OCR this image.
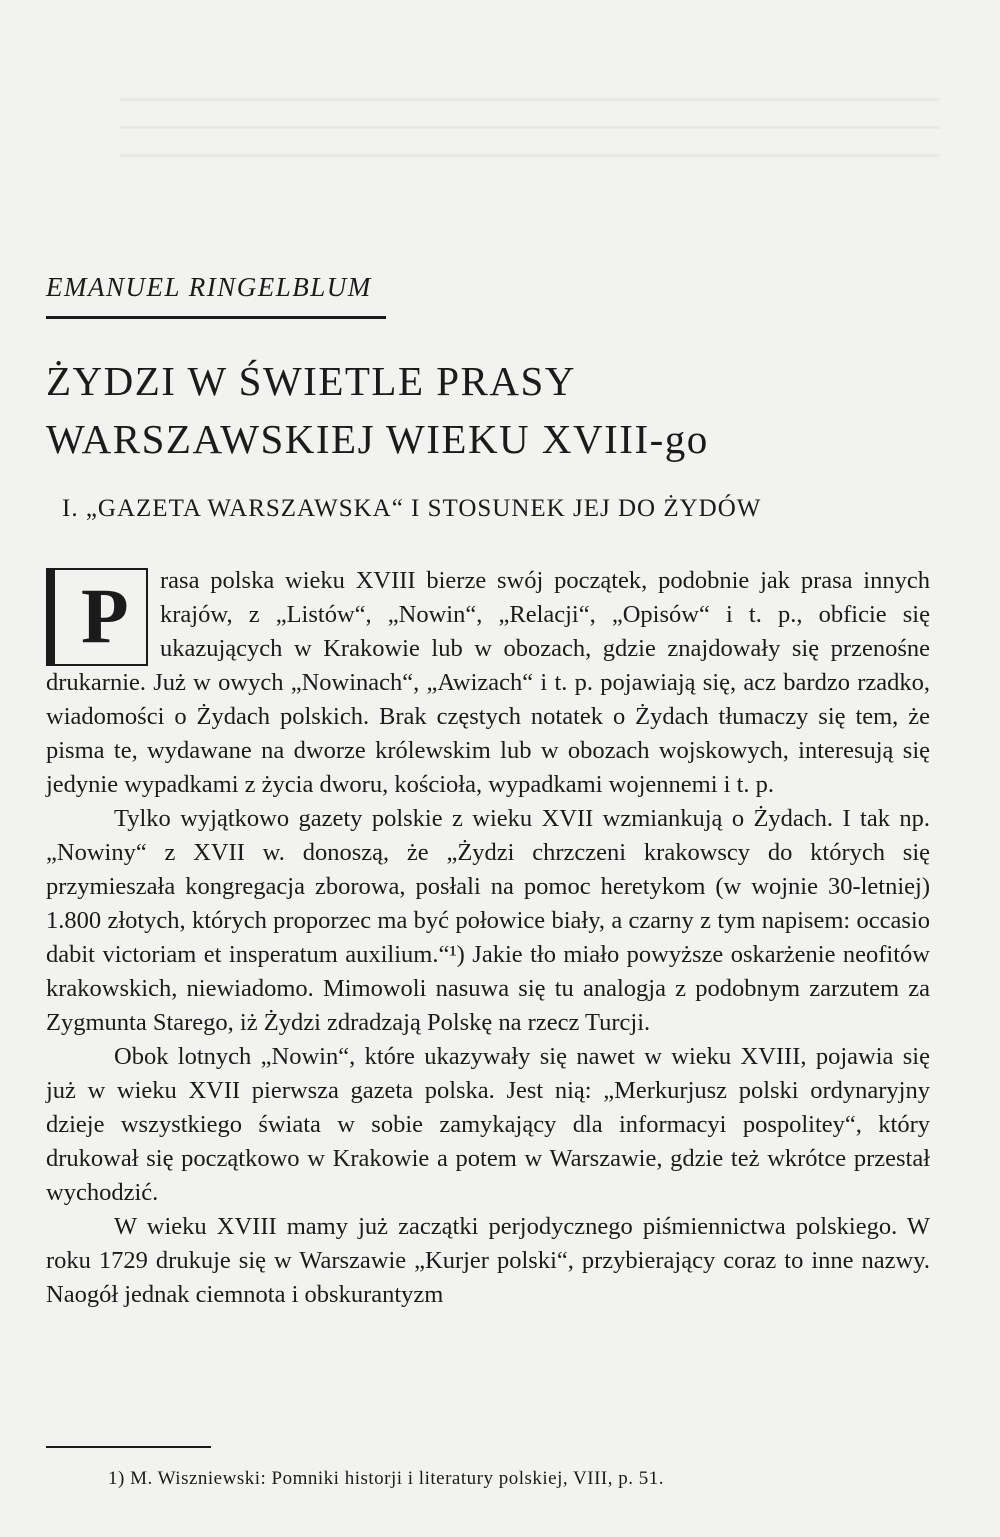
EMANUEL RINGELBLUM
ŻYDZI W ŚWIETLE PRASY
WARSZAWSKIEJ WIEKU XVIII-go
I. „GAZETA WARSZAWSKA“ I STOSUNEK JEJ DO ŻYDÓW

P rasa polska wieku XVIII bierze swój początek, podobnie jak prasa innych krajów, z „Listów“, „Nowin“, „Relacji“, „Opisów“ i t. p., obficie się ukazujących w Krakowie lub w obozach, gdzie znajdowały się przenośne drukarnie. Już w owych „Nowinach“, „Awizach“ i t. p. pojawiają się, acz bardzo rzadko, wiadomości o Żydach polskich. Brak częstych notatek o Żydach tłumaczy się tem, że pisma te, wydawane na dworze królewskim lub w obozach wojskowych, interesują się jedynie wypadkami z życia dworu, kościoła, wypadkami wojennemi i t. p.

Tylko wyjątkowo gazety polskie z wieku XVII wzmiankują o Żydach. I tak np. „Nowiny“ z XVII w. donoszą, że „Żydzi chrzczeni krakowscy do których się przymieszała kongregacja zborowa, posłali na pomoc heretykom (w wojnie 30-letniej) 1.800 złotych, których proporzec ma być połowice biały, a czarny z tym napisem: occasio dabit victoriam et insperatum auxilium.“¹) Jakie tło miało powyższe oskarżenie neofitów krakowskich, niewiadomo. Mimowoli nasuwa się tu analogja z podobnym zarzutem za Zygmunta Starego, iż Żydzi zdradzają Polskę na rzecz Turcji.

Obok lotnych „Nowin“, które ukazywały się nawet w wieku XVIII, pojawia się już w wieku XVII pierwsza gazeta polska. Jest nią: „Merkurjusz polski ordynaryjny dzieje wszystkiego świata w sobie zamykający dla informacyi pospolitey“, który drukował się początkowo w Krakowie a potem w Warszawie, gdzie też wkrótce przestał wychodzić.

W wieku XVIII mamy już zaczątki perjodycznego piśmiennictwa polskiego. W roku 1729 drukuje się w Warszawie „Kurjer polski“, przybierający coraz to inne nazwy. Naogół jednak ciemnota i obskurantyzm

1) M. Wiszniewski: Pomniki historji i literatury polskiej, VIII, p. 51.
